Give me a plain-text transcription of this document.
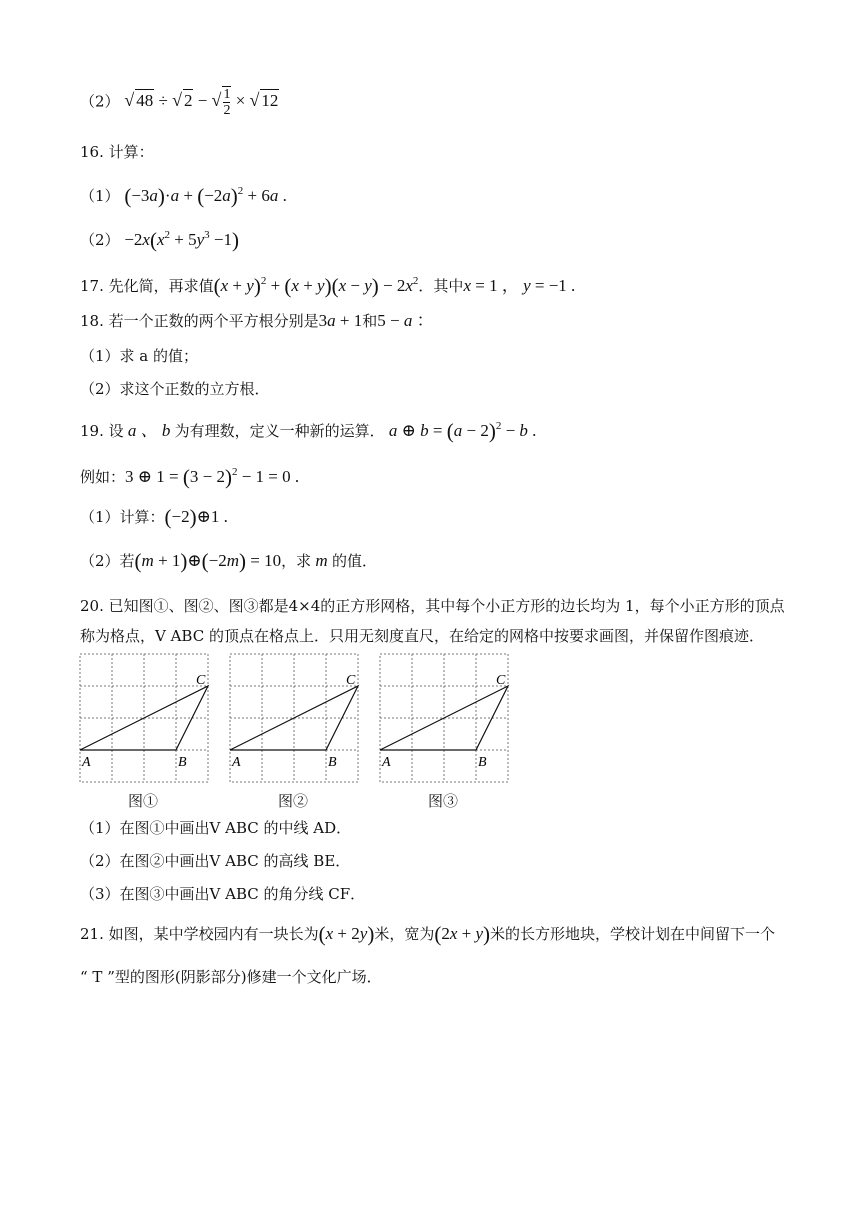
（2） √ 48 ÷ √ 2 − √ $\frac{1}{2}$ × √ 12
16. 计算：
（1） $(-3a)\cdot a + (-2a)^2 + 6a$ .
$(2) -2x(x^2 + 5y^3 -1)$
17. 先化简，再求值$(x + y)^2 + (x + y)(x - y) - 2x^2$．其中x = 1 ， y = −1 .
18. 若一个正数的两个平方根分别是3a + 1和5 − a ：
（1）求 a 的值；
（2）求这个正数的立方根．
19. 设 a 、 b 为有理数，定义一种新的运算． a ⊕ $b = (a - 2)^2 - b$ .
例如：3 ⊕ $1 = (3 - 2)^2 - 1 = 0$ .
（1）计算：(−2)⊕1 .
（2）若(m + 1)⊕(−2m) = 10，求 m 的值．
20. 已知图①、图②、图③都是4×4的正方形网格，其中每个小正方形的边长均为 1，每个小正方形的顶点
称为格点，V ABC 的顶点在格点上．只用无刻度直尺，在给定的网格中按要求画图，并保留作图痕迹．
A	B
C
A	B
C
A	B
C
图①	图②	图③
（1）在图①中画出V ABC 的中线 AD．
（2）在图②中画出V ABC 的高线 BE．
（3）在图③中画出V ABC 的角分线 CF．
21. 如图，某中学校园内有一块长为(x + 2y)米，宽为(2x + y)米的长方形地块，学校计划在中间留下一个
“ T ”型的图形(阴影部分)修建一个文化广场．
